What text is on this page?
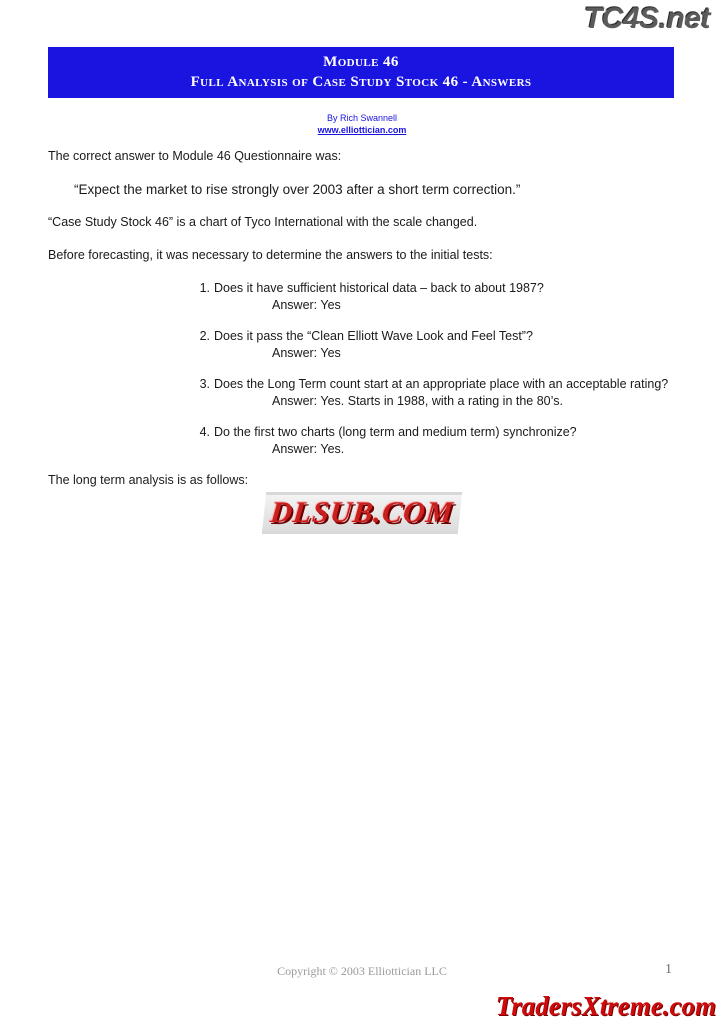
TC4S.net
Module 46
Full Analysis of Case Study Stock 46 - Answers
By Rich Swannell
www.elliottician.com

The correct answer to Module 46 Questionnaire was:

“Expect the market to rise strongly over 2003 after a short term correction.”

“Case Study Stock 46” is a chart of Tyco International with the scale changed.

Before forecasting, it was necessary to determine the answers to the initial tests:

1. Does it have sufficient historical data – back to about 1987?
Answer: Yes
2. Does it pass the “Clean Elliott Wave Look and Feel Test”?
Answer: Yes
3. Does the Long Term count start at an appropriate place with an acceptable rating?
Answer: Yes. Starts in 1988, with a rating in the 80’s.
4. Do the first two charts (long term and medium term) synchronize?
Answer: Yes.

The long term analysis is as follows:

DLSUB.COM
Copyright © 2003 Elliottician LLC	1
TradersXtreme.com
